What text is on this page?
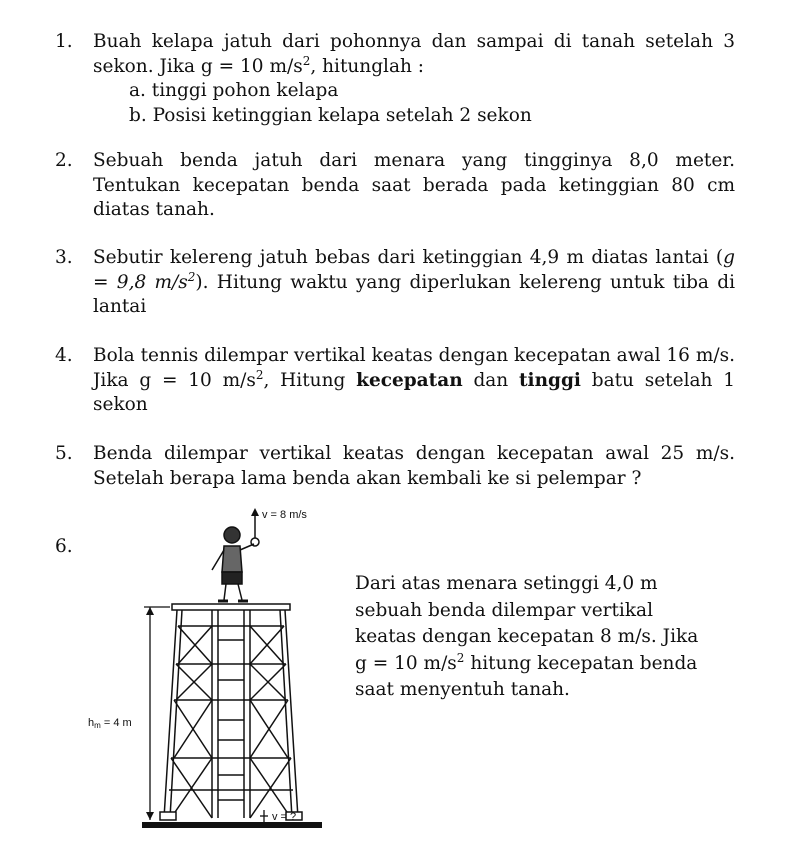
1.	Buah kelapa jatuh dari pohonnya dan sampai di tanah setelah 3 sekon. Jika g = 10 $m/s^2$, hitunglah :
a. tinggi pohon kelapa
b. Posisi ketinggian kelapa setelah 2 sekon
2.	Sebuah benda jatuh dari menara yang tingginya 8,0 meter. Tentukan kecepatan benda saat berada pada ketinggian 80 cm diatas tanah.
3.	Sebutir kelereng jatuh bebas dari ketinggian 4,9 m diatas lantai (g = 9,8 $m/s^2$). Hitung waktu yang diperlukan kelereng untuk tiba di lantai
4.	Bola tennis dilempar vertikal keatas dengan kecepatan awal 16 m/s. Jika g = 10 $m/s^2$, Hitung kecepatan dan tinggi batu setelah 1 sekon
5.	Benda dilempar vertikal keatas dengan kecepatan awal 25 m/s. Setelah berapa lama benda akan kembali ke si pelempar ?
6.
Dari atas menara setinggi 4,0 m sebuah benda dilempar vertikal keatas dengan kecepatan 8 m/s. Jika g = 10 $m/s^2$ hitung kecepatan benda saat menyentuh tanah.
v = 8 m/s
hm = 4 m
v = ?
